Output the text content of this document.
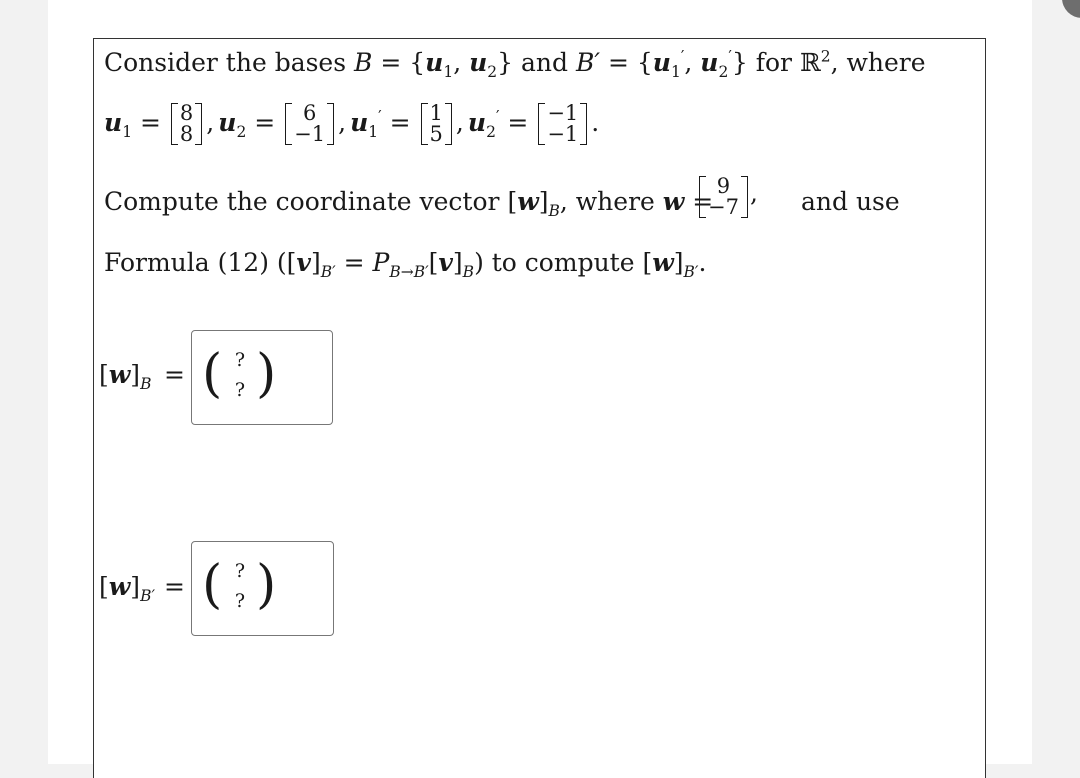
Consider the bases $B = \{u_1$, $u_2$} and $B' = \{u_1'$, $u_2'$} for ℝ$^2$, where
$u_1 = 8$
8 , $u_2 = 6$
−1 , $u_1' = 1$
5 , $u_2' = -1$
−1 .
Compute the coordinate vector $[w]_B$, where w =
9
−7 , and use
Formula (12) $([v]_{B'} = P_{B\to B'}[v]_B)$ to compute $[w]_{B'}$.
$[w]_B$ = ( ?
? )
$[w]_{B'}$ = ( ?
? )
